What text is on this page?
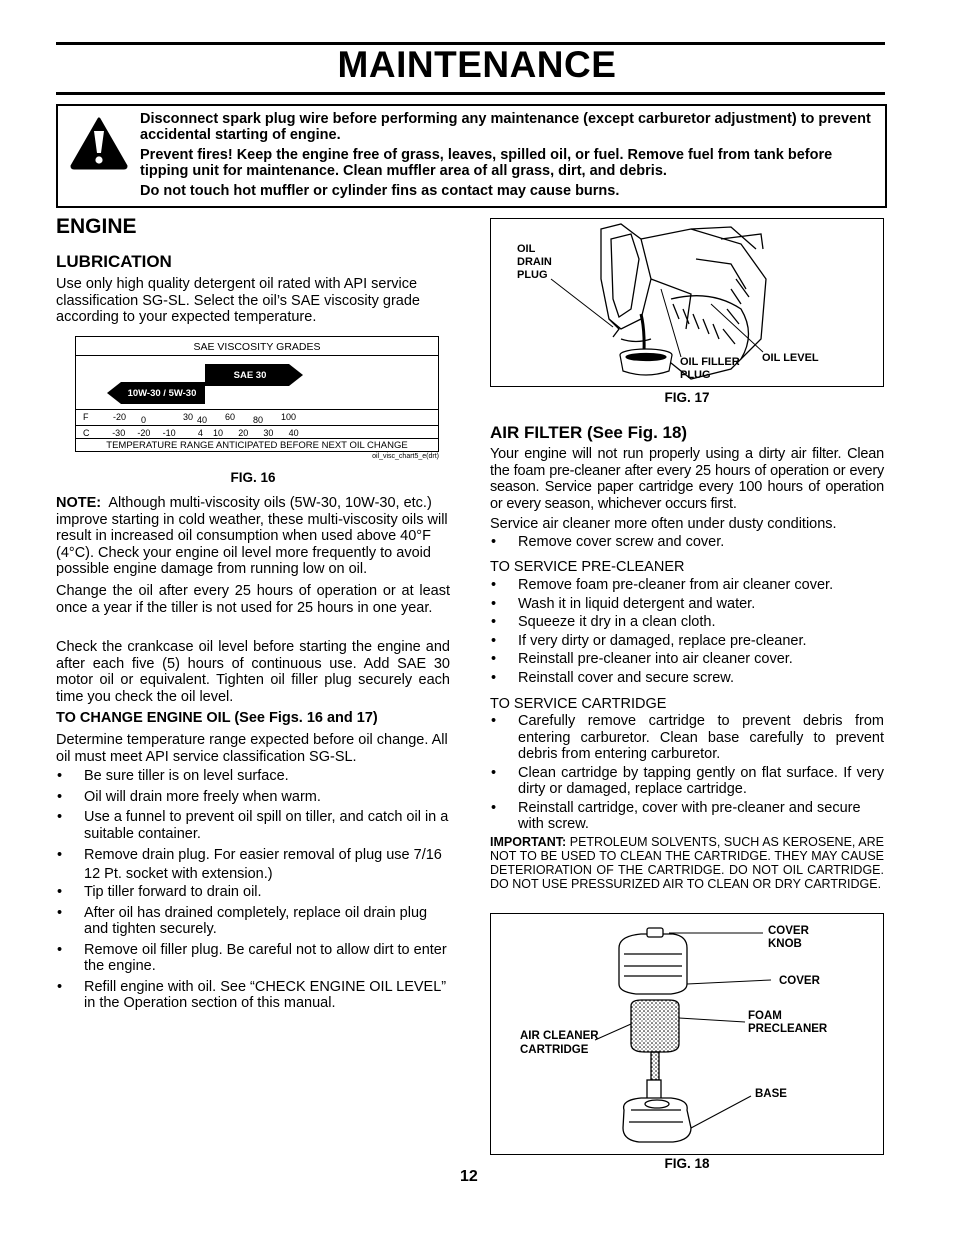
MAINTENANCE

Disconnect spark plug wire before performing any maintenance (except carburetor adjustment) to prevent accidental starting of engine.

Prevent fires! Keep the engine free of grass, leaves, spilled oil, or fuel. Remove fuel from tank before tipping unit for maintenance. Clean muffler area of all grass, dirt, and debris.

Do not touch hot muffler or cylinder fins as contact may cause burns.

ENGINE
LUBRICATION
Use only high quality detergent oil rated with API service classification SG-SL. Select the oil’s SAE viscosity grade according to your expected temperature.
SAE VISCOSITY GRADES
10W-30 / 5W-30
SAE 30
F	-20 0	30 40 60 80 100
C	-30 -20 -10 4 10 20 30 40
TEMPERATURE RANGE ANTICIPATED BEFORE NEXT OIL CHANGE
oil_visc_chart5_e(drt)
FIG. 16

NOTE: Although multi-viscosity oils (5W-30, 10W-30, etc.) improve starting in cold weather, these multi-viscosity oils will result in increased oil consumption when used above 40°F (4°C). Check your engine oil level more frequently to avoid possible engine damage from running low on oil.

Change the oil after every 25 hours of operation or at least once a year if the tiller is not used for 25 hours in one year.
Check the crankcase oil level before starting the engine and after each five (5) hours of continuous use. Add SAE 30 motor oil or equivalent. Tighten oil filler plug securely each time you check the oil level.
TO CHANGE ENGINE OIL (See Figs. 16 and 17)
Determine temperature range expected before oil change. All oil must meet API service classification SG-SL.
• Be sure tiller is on level surface.
• Oil will drain more freely when warm.
• Use a funnel to prevent oil spill on tiller, and catch oil in a suitable container.
• Remove drain plug. For easier removal of plug use 7/16 12 Pt. socket with extension.)
• Tip tiller forward to drain oil.
• After oil has drained completely, replace oil drain plug and tighten securely.
• Remove oil filler plug. Be careful not to allow dirt to enter the engine.
• Refill engine with oil. See “CHECK ENGINE OIL LEVEL” in the Operation section of this manual.
OIL
DRAIN
PLUG
OIL FILLER
PLUG
OIL LEVEL
FIG. 17
AIR FILTER (See Fig. 18)
Your engine will not run properly using a dirty air filter. Clean the foam pre-cleaner after every 25 hours of operation or every season. Service paper cartridge every 100 hours of operation or every season, whichever occurs first.
Service air cleaner more often under dusty conditions.
• Remove cover screw and cover.
TO SERVICE PRE-CLEANER
• Remove foam pre-cleaner from air cleaner cover.
• Wash it in liquid detergent and water.
• Squeeze it dry in a clean cloth.
• If very dirty or damaged, replace pre-cleaner.
• Reinstall pre-cleaner into air cleaner cover.
• Reinstall cover and secure screw.
TO SERVICE CARTRIDGE
• Carefully remove cartridge to prevent debris from entering carburetor. Clean base carefully to prevent debris from entering carburetor.
• Clean cartridge by tapping gently on flat surface. If very dirty or damaged, replace cartridge.
• Reinstall cartridge, cover with pre-cleaner and secure with screw.
IMPORTANT: PETROLEUM SOLVENTS, SUCH AS KEROSENE, ARE NOT TO BE USED TO CLEAN THE CARTRIDGE. THEY MAY CAUSE DETERIORATION OF THE CARTRIDGE. DO NOT OIL CARTRIDGE. DO NOT USE PRESSURIZED AIR TO CLEAN OR DRY CARTRIDGE.
COVER
KNOB
COVER
FOAM
PRECLEANER
AIR CLEANER
CARTRIDGE
BASE
FIG. 18
12
